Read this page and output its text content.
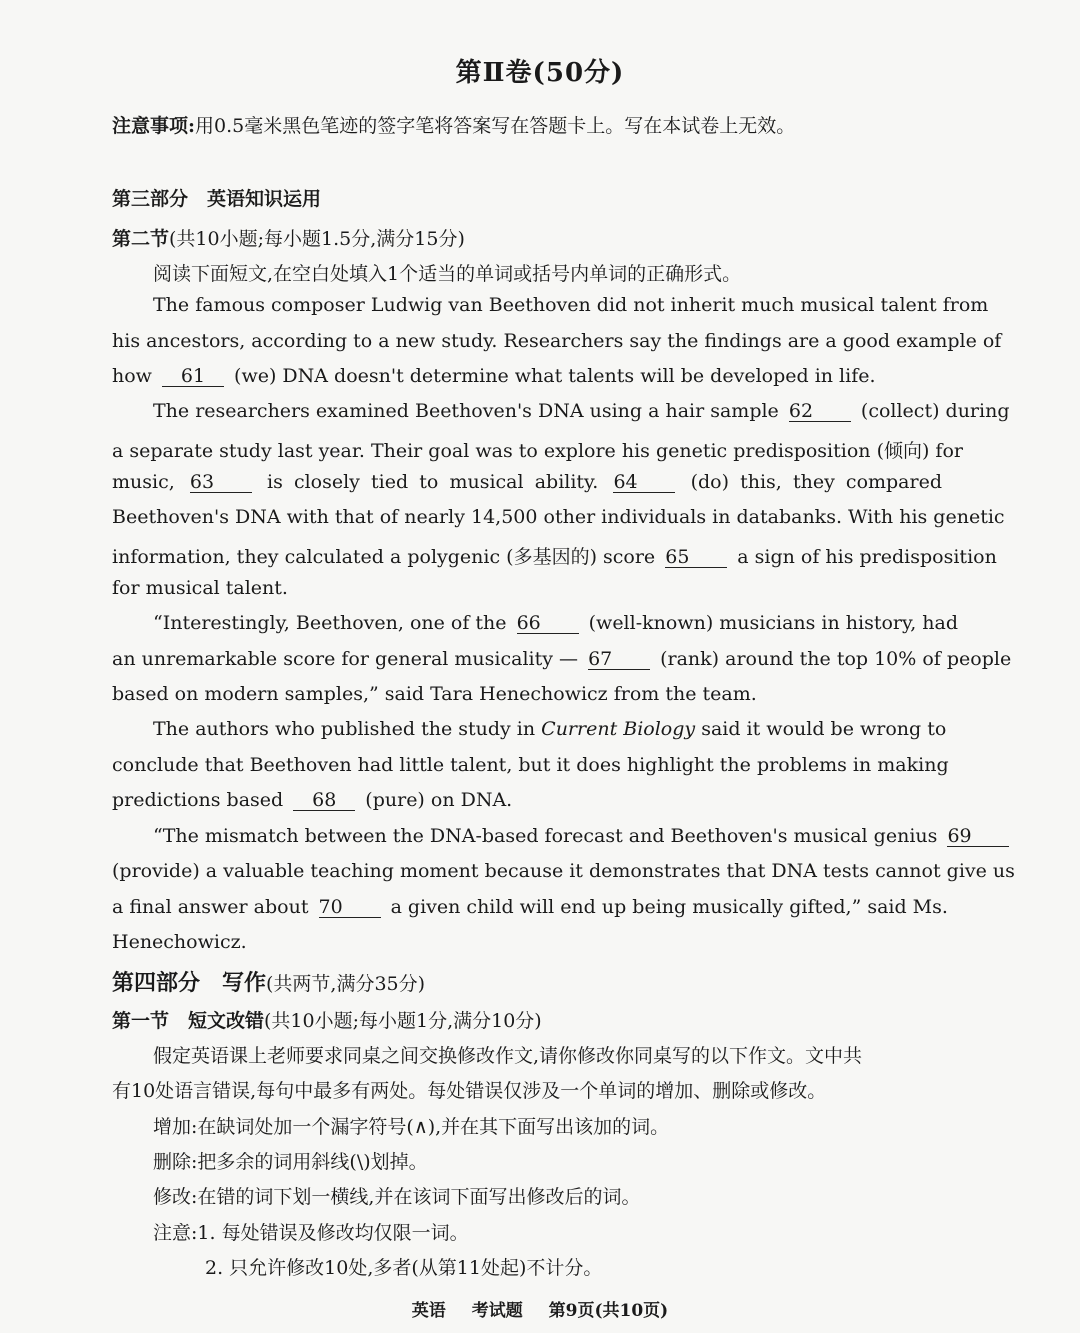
第Ⅱ卷(50分)
注意事项:用0.5毫米黑色笔迹的签字笔将答案写在答题卡上。写在本试卷上无效。
第三部分　英语知识运用
第二节(共10小题;每小题1.5分,满分15分)
阅读下面短文,在空白处填入1个适当的单词或括号内单词的正确形式。
The famous composer Ludwig van Beethoven did not inherit much musical talent from
his ancestors, according to a new study. Researchers say the findings are a good example of
how 61 (we) DNA doesn't determine what talents will be developed in life.
The researchers examined Beethoven's DNA using a hair sample 62	(collect) during
a separate study last year. Their goal was to explore his genetic predisposition (倾向) for
music, 63	is closely tied to musical ability. 64	(do) this, they compared
Beethoven's DNA with that of nearly 14,500 other individuals in databanks. With his genetic
information, they calculated a polygenic (多基因的) score 65	a sign of his predisposition
for musical talent.
“Interestingly, Beethoven, one of the 66	(well-known) musicians in history, had
an unremarkable score for general musicality — 67	(rank) around the top 10% of people
based on modern samples,” said Tara Henechowicz from the team.
The authors who published the study in Current Biology said it would be wrong to
conclude that Beethoven had little talent, but it does highlight the problems in making
predictions based 68 (pure) on DNA.
“The mismatch between the DNA-based forecast and Beethoven's musical genius 69
(provide) a valuable teaching moment because it demonstrates that DNA tests cannot give us
a final answer about 70	a given child will end up being musically gifted,” said Ms.
Henechowicz.
第四部分　写作(共两节,满分35分)
第一节　短文改错(共10小题;每小题1分,满分10分)
假定英语课上老师要求同桌之间交换修改作文,请你修改你同桌写的以下作文。文中共
有10处语言错误,每句中最多有两处。每处错误仅涉及一个单词的增加、删除或修改。
增加:在缺词处加一个漏字符号(∧),并在其下面写出该加的词。
删除:把多余的词用斜线(\)划掉。
修改:在错的词下划一横线,并在该词下面写出修改后的词。
注意:1. 每处错误及修改均仅限一词。
2. 只允许修改10处,多者(从第11处起)不计分。
英语 考试题 第9页(共10页)
